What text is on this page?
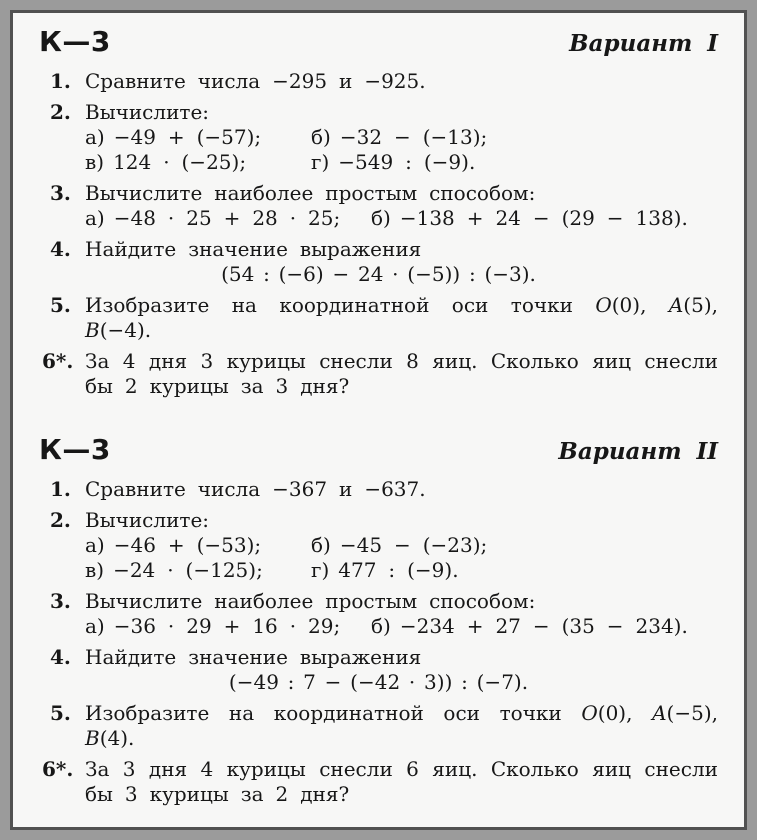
К—3	Вариант I
1. Сравните числа −295 и −925.
2. Вычислите:
а) −49 + (−57);	б) −32 − (−13);
в) 124 · (−25);	г) −549 : (−9).
3. Вычислите наиболее простым способом:
а) −48 · 25 + 28 · 25;	б) −138 + 24 − (29 − 138).
4. Найдите значение выражения
(54 : (−6) − 24 · (−5)) : (−3).
5. Изобразите на координатной оси точки O(0), A(5),
B(−4).
6*. За 4 дня 3 курицы снесли 8 яиц. Сколько яиц снесли
бы 2 курицы за 3 дня?
К—3	Вариант II
1. Сравните числа −367 и −637.
2. Вычислите:
а) −46 + (−53);	б) −45 − (−23);
в) −24 · (−125);	г) 477 : (−9).
3. Вычислите наиболее простым способом:
а) −36 · 29 + 16 · 29;	б) −234 + 27 − (35 − 234).
4. Найдите значение выражения
(−49 : 7 − (−42 · 3)) : (−7).
5. Изобразите на координатной оси точки O(0), A(−5),
B(4).
6*. За 3 дня 4 курицы снесли 6 яиц. Сколько яиц снесли
бы 3 курицы за 2 дня?
